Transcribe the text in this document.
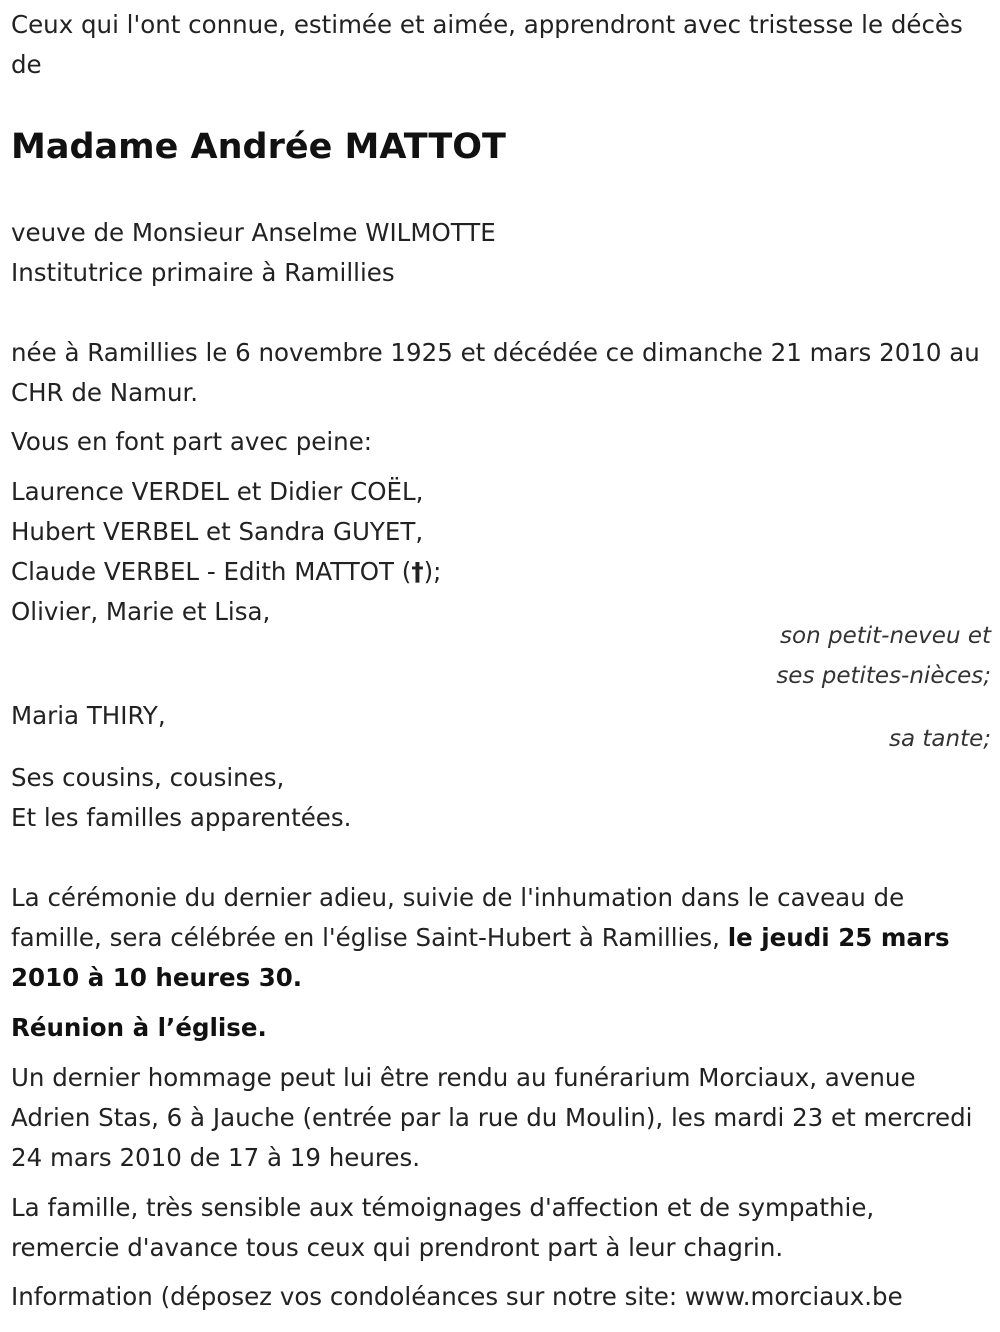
Ceux qui l'ont connue, estimée et aimée, apprendront avec tristesse le décès de

Madame Andrée MATTOT

veuve de Monsieur Anselme WILMOTTE

Institutrice primaire à Ramillies

née à Ramillies le 6 novembre 1925 et décédée ce dimanche 21 mars 2010 au CHR de Namur.

Vous en font part avec peine:

Laurence VERDEL et Didier COËL,

Hubert VERBEL et Sandra GUYET,

Claude VERBEL - Edith MATTOT (†);

Olivier, Marie et Lisa,

son petit-neveu et

ses petites-nièces;

Maria THIRY,

sa tante;

Ses cousins, cousines,

Et les familles apparentées.

La cérémonie du dernier adieu, suivie de l'inhumation dans le caveau de famille, sera célébrée en l'église Saint-Hubert à Ramillies, le jeudi 25 mars 2010 à 10 heures 30.

Réunion à l’église.

Un dernier hommage peut lui être rendu au funérarium Morciaux, avenue Adrien Stas, 6 à Jauche (entrée par la rue du Moulin), les mardi 23 et mercredi 24 mars 2010 de 17 à 19 heures.

La famille, très sensible aux témoignages d'affection et de sympathie, remercie d'avance tous ceux qui prendront part à leur chagrin.

Information (déposez vos condoléances sur notre site: www.morciaux.be
